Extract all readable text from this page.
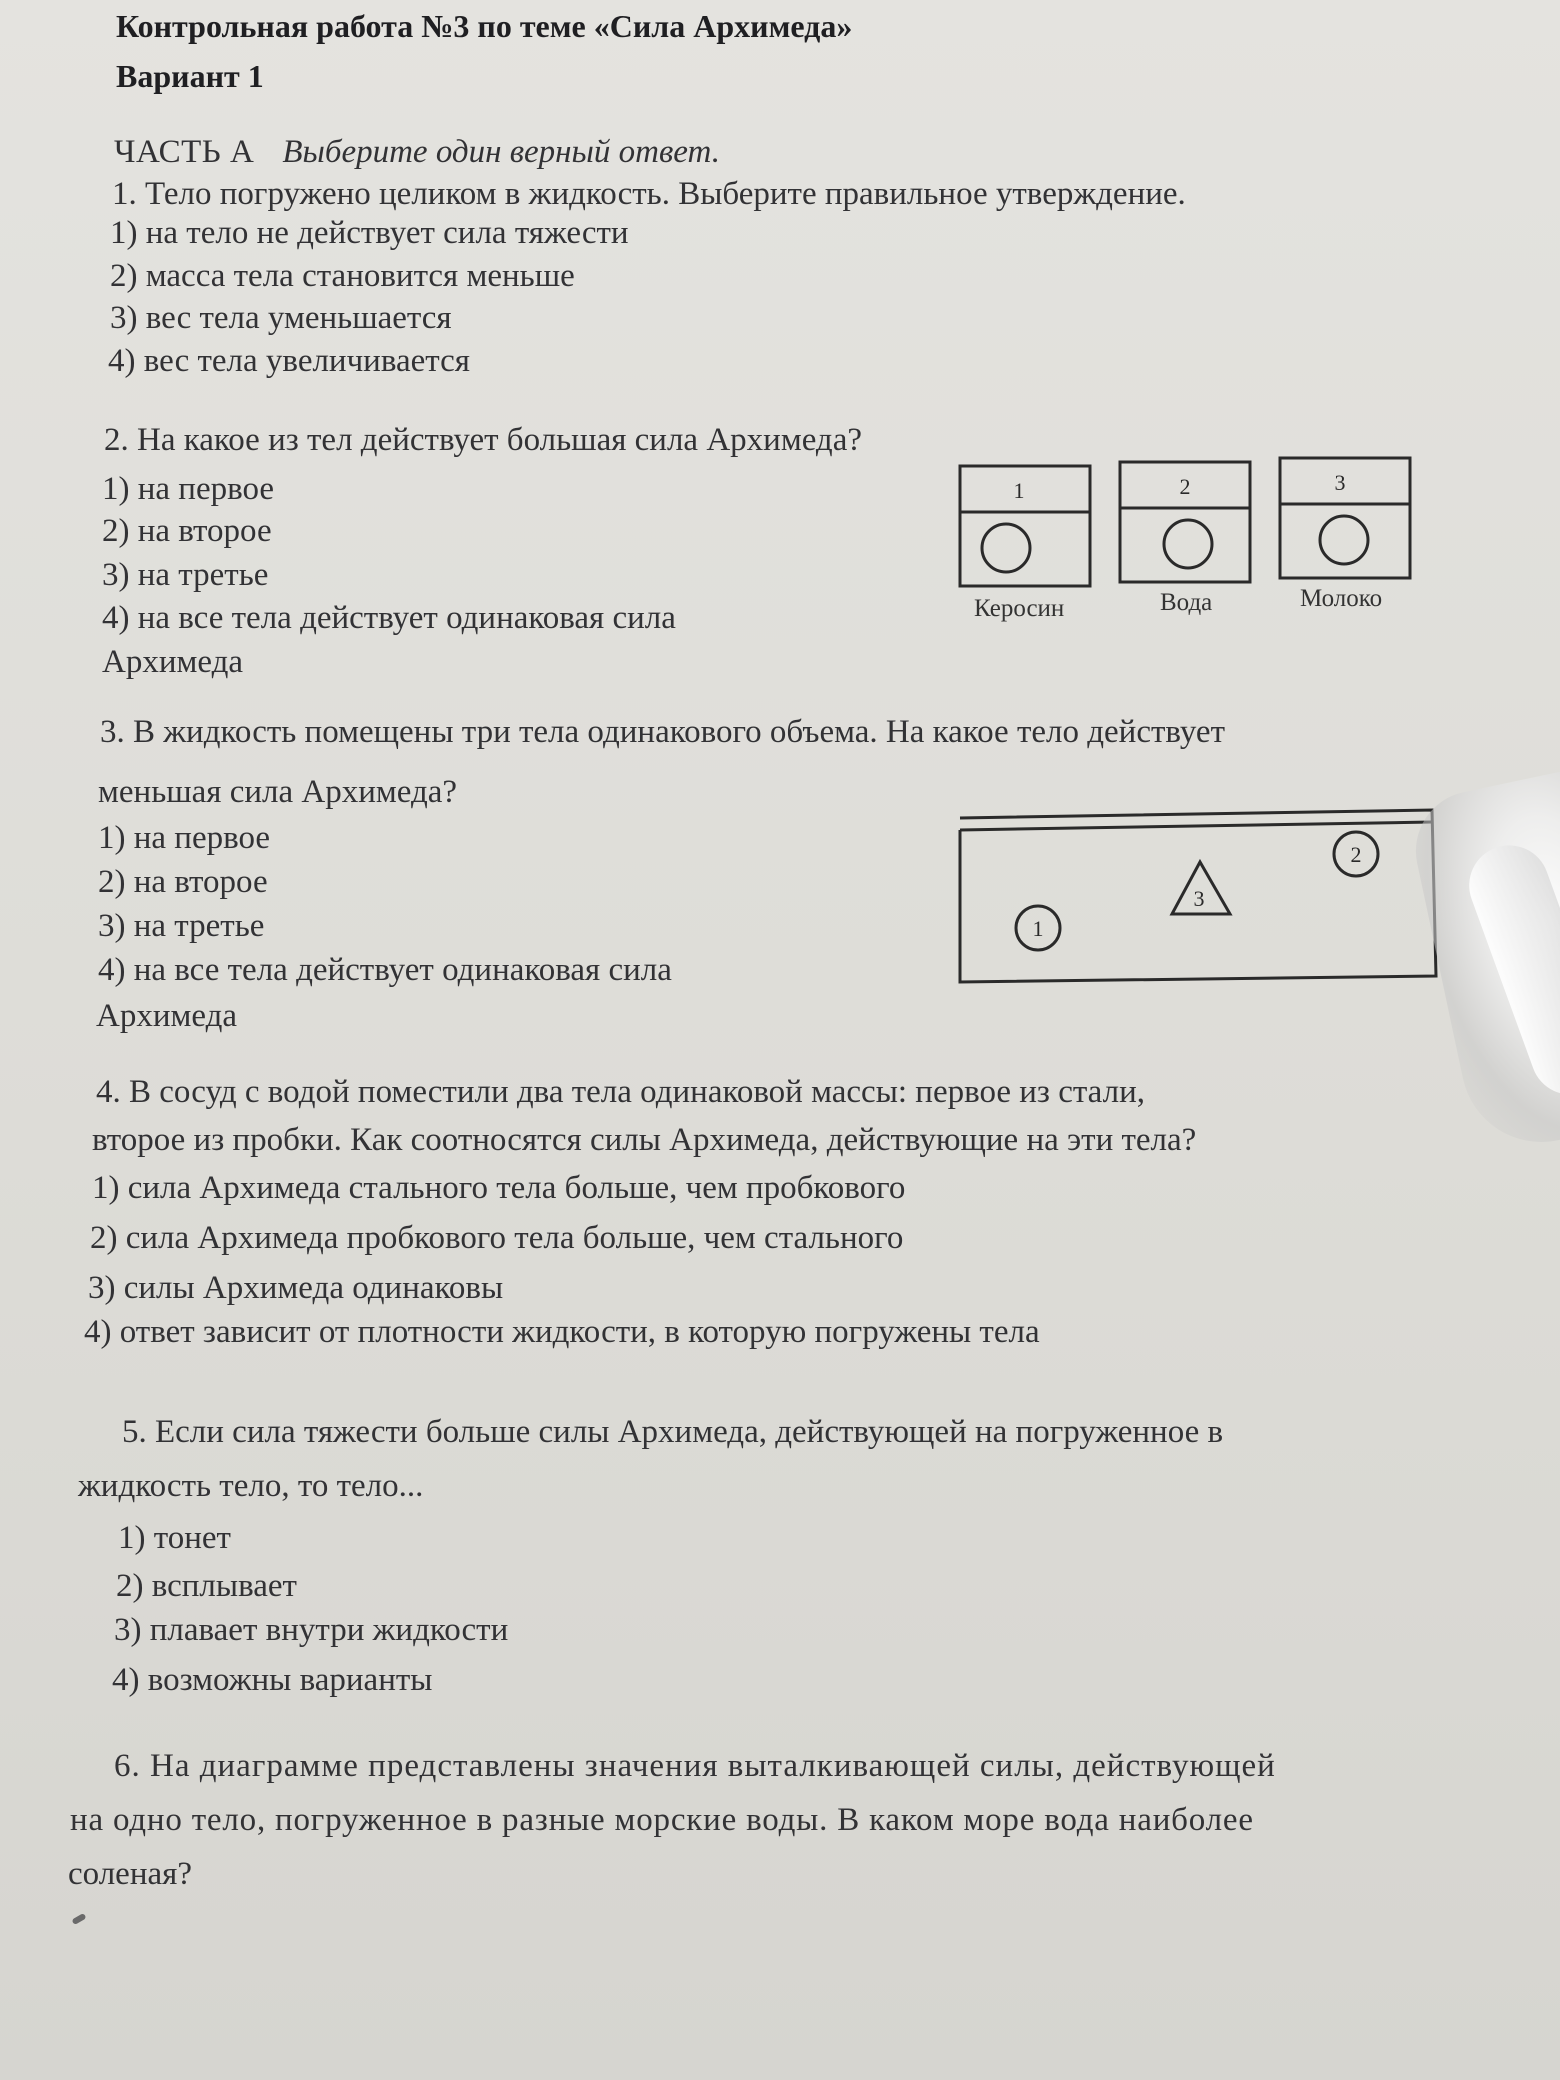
Контрольная работа №3 по теме «Сила Архимеда»
Вариант 1
ЧАСТЬ А Выберите один верный ответ.
1. Тело погружено целиком в жидкость. Выберите правильное утверждение.
1) на тело не действует сила тяжести
2) масса тела становится меньше
3) вес тела уменьшается
4) вес тела увеличивается
2. На какое из тел действует большая сила Архимеда?
1) на первое
2) на второе
3) на третье
4) на все тела действует одинаковая сила
Архимеда
1	2	3
Керосин	Вода	Молоко
3. В жидкость помещены три тела одинакового объема. На какое тело действует
меньшая сила Архимеда?
1) на первое
2) на второе
3) на третье
4) на все тела действует одинаковая сила
Архимеда
1
2
3
4. В сосуд с водой поместили два тела одинаковой массы: первое из стали,
второе из пробки. Как соотносятся силы Архимеда, действующие на эти тела?
1) сила Архимеда стального тела больше, чем пробкового
2) сила Архимеда пробкового тела больше, чем стального
3) силы Архимеда одинаковы
4) ответ зависит от плотности жидкости, в которую погружены тела
5. Если сила тяжести больше силы Архимеда, действующей на погруженное в
жидкость тело, то тело...
1) тонет
2) всплывает
3) плавает внутри жидкости
4) возможны варианты
6. На диаграмме представлены значения выталкивающей силы, действующей
на одно тело, погруженное в разные морские воды. В каком море вода наиболее
соленая?
